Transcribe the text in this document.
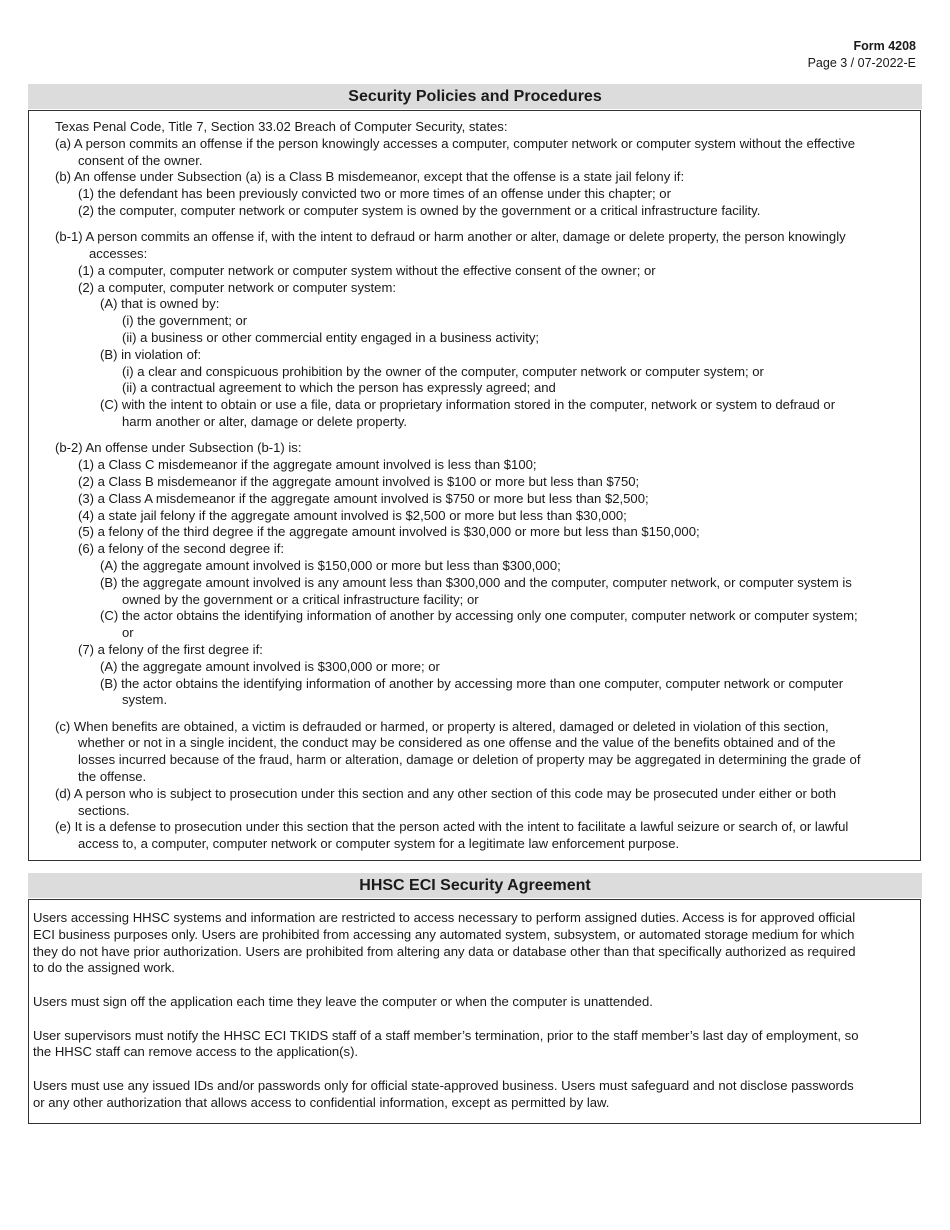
Form 4208
Page 3 / 07-2022-E
Security Policies and Procedures
Texas Penal Code, Title 7, Section 33.02 Breach of Computer Security, states:
(a) A person commits an offense if the person knowingly accesses a computer, computer network or computer system without the effective
consent of the owner.
(b) An offense under Subsection (a) is a Class B misdemeanor, except that the offense is a state jail felony if:
(1) the defendant has been previously convicted two or more times of an offense under this chapter; or
(2) the computer, computer network or computer system is owned by the government or a critical infrastructure facility.
(b-1) A person commits an offense if, with the intent to defraud or harm another or alter, damage or delete property, the person knowingly
accesses:
(1) a computer, computer network or computer system without the effective consent of the owner; or
(2) a computer, computer network or computer system:
(A) that is owned by:
(i) the government; or
(ii) a business or other commercial entity engaged in a business activity;
(B) in violation of:
(i) a clear and conspicuous prohibition by the owner of the computer, computer network or computer system; or
(ii) a contractual agreement to which the person has expressly agreed; and
(C) with the intent to obtain or use a file, data or proprietary information stored in the computer, network or system to defraud or
harm another or alter, damage or delete property.
(b-2) An offense under Subsection (b-1) is:
(1) a Class C misdemeanor if the aggregate amount involved is less than $100;
(2) a Class B misdemeanor if the aggregate amount involved is $100 or more but less than $750;
(3) a Class A misdemeanor if the aggregate amount involved is $750 or more but less than $2,500;
(4) a state jail felony if the aggregate amount involved is $2,500 or more but less than $30,000;
(5) a felony of the third degree if the aggregate amount involved is $30,000 or more but less than $150,000;
(6) a felony of the second degree if:
(A) the aggregate amount involved is $150,000 or more but less than $300,000;
(B) the aggregate amount involved is any amount less than $300,000 and the computer, computer network, or computer system is
owned by the government or a critical infrastructure facility; or
(C) the actor obtains the identifying information of another by accessing only one computer, computer network or computer system;
or
(7) a felony of the first degree if:
(A) the aggregate amount involved is $300,000 or more; or
(B) the actor obtains the identifying information of another by accessing more than one computer, computer network or computer
system.
(c) When benefits are obtained, a victim is defrauded or harmed, or property is altered, damaged or deleted in violation of this section,
whether or not in a single incident, the conduct may be considered as one offense and the value of the benefits obtained and of the
losses incurred because of the fraud, harm or alteration, damage or deletion of property may be aggregated in determining the grade of
the offense.
(d) A person who is subject to prosecution under this section and any other section of this code may be prosecuted under either or both
sections.
(e) It is a defense to prosecution under this section that the person acted with the intent to facilitate a lawful seizure or search of, or lawful
access to, a computer, computer network or computer system for a legitimate law enforcement purpose.
HHSC ECI Security Agreement
Users accessing HHSC systems and information are restricted to access necessary to perform assigned duties. Access is for approved official
ECI business purposes only. Users are prohibited from accessing any automated system, subsystem, or automated storage medium for which
they do not have prior authorization. Users are prohibited from altering any data or database other than that specifically authorized as required
to do the assigned work.
Users must sign off the application each time they leave the computer or when the computer is unattended.
User supervisors must notify the HHSC ECI TKIDS staff of a staff member’s termination, prior to the staff member’s last day of employment, so
the HHSC staff can remove access to the application(s).
Users must use any issued IDs and/or passwords only for official state-approved business. Users must safeguard and not disclose passwords
or any other authorization that allows access to confidential information, except as permitted by law.
